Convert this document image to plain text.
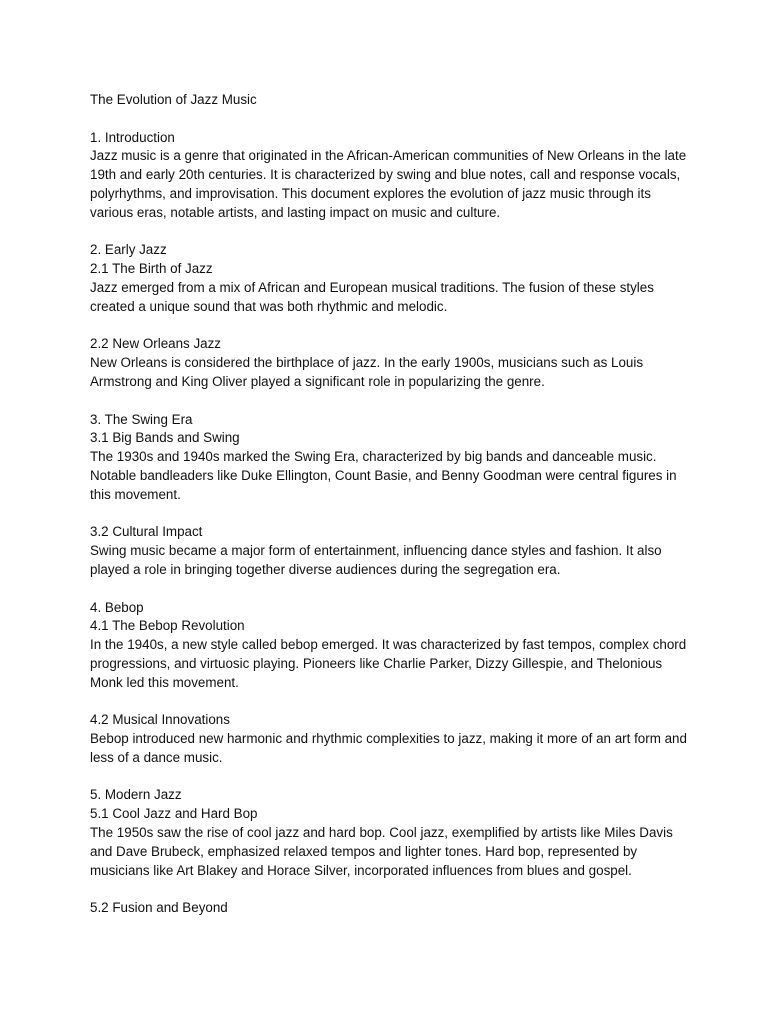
The Evolution of Jazz Music
1. Introduction
Jazz music is a genre that originated in the African-American communities of New Orleans in the late 19th and early 20th centuries. It is characterized by swing and blue notes, call and response vocals, polyrhythms, and improvisation. This document explores the evolution of jazz music through its various eras, notable artists, and lasting impact on music and culture.
2. Early Jazz
2.1 The Birth of Jazz
Jazz emerged from a mix of African and European musical traditions. The fusion of these styles created a unique sound that was both rhythmic and melodic.
2.2 New Orleans Jazz
New Orleans is considered the birthplace of jazz. In the early 1900s, musicians such as Louis Armstrong and King Oliver played a significant role in popularizing the genre.
3. The Swing Era
3.1 Big Bands and Swing
The 1930s and 1940s marked the Swing Era, characterized by big bands and danceable music. Notable bandleaders like Duke Ellington, Count Basie, and Benny Goodman were central figures in this movement.
3.2 Cultural Impact
Swing music became a major form of entertainment, influencing dance styles and fashion. It also played a role in bringing together diverse audiences during the segregation era.
4. Bebop
4.1 The Bebop Revolution
In the 1940s, a new style called bebop emerged. It was characterized by fast tempos, complex chord progressions, and virtuosic playing. Pioneers like Charlie Parker, Dizzy Gillespie, and Thelonious Monk led this movement.
4.2 Musical Innovations
Bebop introduced new harmonic and rhythmic complexities to jazz, making it more of an art form and less of a dance music.
5. Modern Jazz
5.1 Cool Jazz and Hard Bop
The 1950s saw the rise of cool jazz and hard bop. Cool jazz, exemplified by artists like Miles Davis and Dave Brubeck, emphasized relaxed tempos and lighter tones. Hard bop, represented by musicians like Art Blakey and Horace Silver, incorporated influences from blues and gospel.
5.2 Fusion and Beyond
